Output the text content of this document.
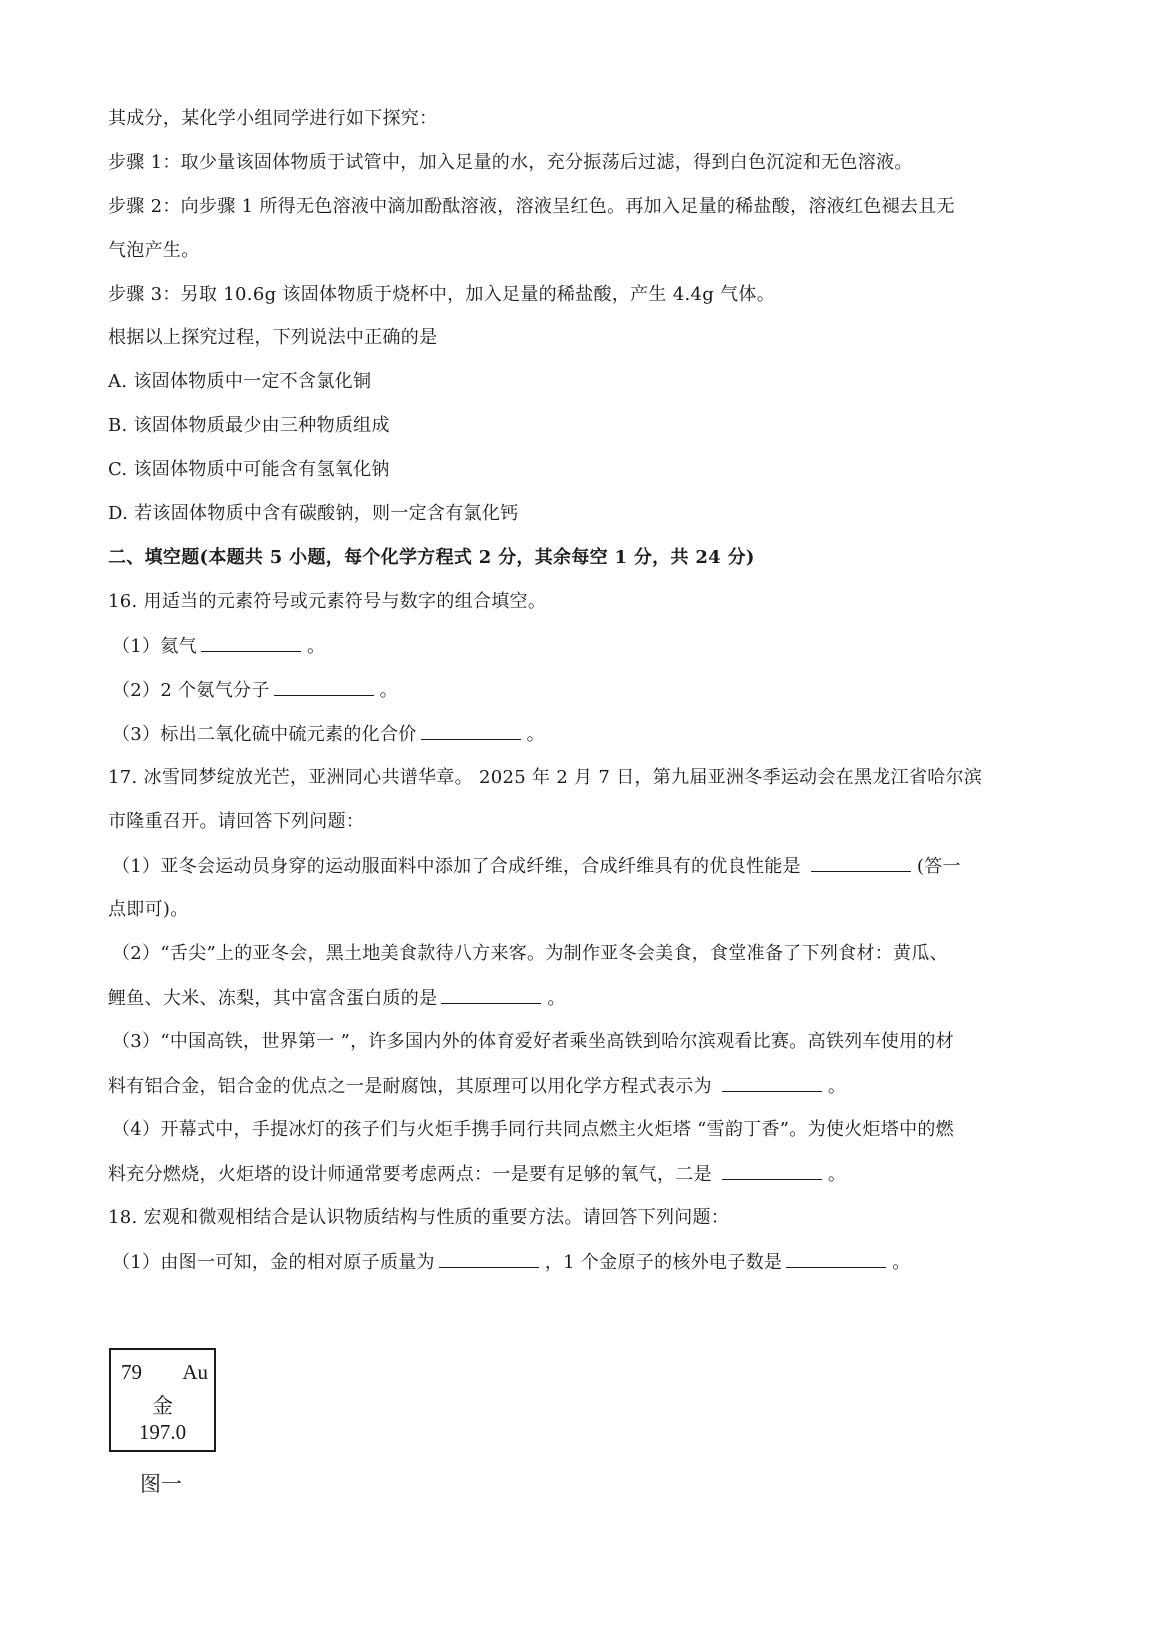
其成分，某化学小组同学进行如下探究：
步骤 1：取少量该固体物质于试管中，加入足量的水，充分振荡后过滤，得到白色沉淀和无色溶液。
步骤 2：向步骤 1 所得无色溶液中滴加酚酞溶液，溶液呈红色。再加入足量的稀盐酸，溶液红色褪去且无
气泡产生。
步骤 3：另取 10.6g 该固体物质于烧杯中，加入足量的稀盐酸，产生 4.4g 气体。
根据以上探究过程，下列说法中正确的是
A. 该固体物质中一定不含氯化铜
B. 该固体物质最少由三种物质组成
C. 该固体物质中可能含有氢氧化钠
D. 若该固体物质中含有碳酸钠，则一定含有氯化钙
二、填空题(本题共 5 小题，每个化学方程式 2 分，其余每空 1 分，共 24 分)
16. 用适当的元素符号或元素符号与数字的组合填空。
（1）氦气	。
（2）2 个氨气分子	。
（3）标出二氧化硫中硫元素的化合价	。
17. 冰雪同梦绽放光芒，亚洲同心共谱华章。 2025 年 2 月 7 日，第九届亚洲冬季运动会在黑龙江省哈尔滨
市隆重召开。请回答下列问题：
（1）亚冬会运动员身穿的运动服面料中添加了合成纤维，合成纤维具有的优良性能是	(答一
点即可)。
（2）“舌尖”上的亚冬会，黑土地美食款待八方来客。为制作亚冬会美食，食堂准备了下列食材：黄瓜、
鲤鱼、大米、冻梨，其中富含蛋白质的是	。
（3）“中国高铁，世界第一 ”，许多国内外的体育爱好者乘坐高铁到哈尔滨观看比赛。高铁列车使用的材
料有铝合金，铝合金的优点之一是耐腐蚀，其原理可以用化学方程式表示为	。
（4）开幕式中，手提冰灯的孩子们与火炬手携手同行共同点燃主火炬塔 “雪韵丁香”。为使火炬塔中的燃
料充分燃烧，火炬塔的设计师通常要考虑两点：一是要有足够的氧气，二是	。
18. 宏观和微观相结合是认识物质结构与性质的重要方法。请回答下列问题：
（1）由图一可知，金的相对原子质量为	，1 个金原子的核外电子数是	。
79 Au
金
197.0
图一
